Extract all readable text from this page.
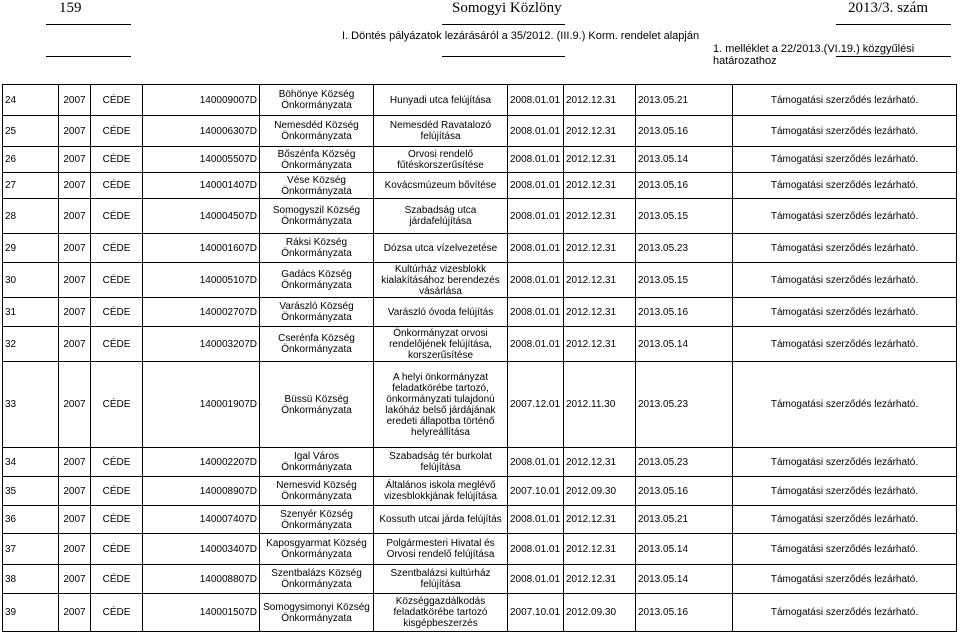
159	Somogyi Közlöny	2013/3. szám
I. Döntés pályázatok lezárásáról a 35/2012. (III.9.) Korm. rendelet alapján
1. melléklet a 22/2013.(VI.19.) közgyűlési határozathoz
24	2007	CÉDE	140009007D	Böhönye Község Önkormányzata	Hunyadi utca felújítása	2008.01.01	2012.12.31	2013.05.21	Támogatási szerződés lezárható.
25	2007	CÉDE	140006307D	Nemesdéd Község Önkormányzata	Nemesdéd Ravatalozó felújítása	2008.01.01	2012.12.31	2013.05.16	Támogatási szerződés lezárható.
26	2007	CÉDE	140005507D	Bőszénfa Község Önkormányzata	Orvosi rendelő fűtéskorszerűsítése	2008.01.01	2012.12.31	2013.05.14	Támogatási szerződés lezárható.
27	2007	CÉDE	140001407D	Vése Község Önkormányzata	Kovácsmúzeum bővítése	2008.01.01	2012.12.31	2013.05.16	Támogatási szerződés lezárható.
28	2007	CÉDE	140004507D	Somogyszil Község Önkormányzata	Szabadság utca járdafelújítása	2008.01.01	2012.12.31	2013.05.15	Támogatási szerződés lezárható.
29	2007	CÉDE	140001607D	Ráksi Község Önkormányzata	Dózsa utca vízelvezetése	2008.01.01	2012.12.31	2013.05.23	Támogatási szerződés lezárható.
30	2007	CÉDE	140005107D	Gadács Község Önkormányzata	Kultúrház vizesblokk kialakításához berendezés vásárlása	2008.01.01	2012.12.31	2013.05.15	Támogatási szerződés lezárható.
31	2007	CÉDE	140002707D	Varászló Község Önkormányzata	Varászló óvoda felújítás	2008.01.01	2012.12.31	2013.05.16	Támogatási szerződés lezárható.
32	2007	CÉDE	140003207D	Cserénfa Község Önkormányzata	Önkormányzat orvosi rendelőjének felújítása, korszerűsítése	2008.01.01	2012.12.31	2013.05.14	Támogatási szerződés lezárható.
33	2007	CÉDE	140001907D	Büssü Község Önkormányzata	A helyi önkormányzat feladatkörébe tartozó, önkormányzati tulajdonú lakóház belső járdájának eredeti állapotba történő helyreállítása	2007.12.01	2012.11.30	2013.05.23	Támogatási szerződés lezárható.
34	2007	CÉDE	140002207D	Igal Város Önkormányzata	Szabadság tér burkolat felújítása	2008.01.01	2012.12.31	2013.05.23	Támogatási szerződés lezárható.
35	2007	CÉDE	140008907D	Nemesvid Község Önkormányzata	Általános iskola meglévő vizesblokkjának felújítása	2007.10.01	2012.09.30	2013.05.16	Támogatási szerződés lezárható.
36	2007	CÉDE	140007407D	Szenyér Község Önkormányzata	Kossuth utcai járda felújítás	2008.01.01	2012.12.31	2013.05.21	Támogatási szerződés lezárható.
37	2007	CÉDE	140003407D	Kaposgyarmat Község Önkormányzata	Polgármesteri Hivatal és Orvosi rendelő felújítása	2008.01.01	2012.12.31	2013.05.14	Támogatási szerződés lezárható.
38	2007	CÉDE	140008807D	Szentbalázs Község Önkormányzata	Szentbalázsi kultúrház felújítása	2008.01.01	2012.12.31	2013.05.14	Támogatási szerződés lezárható.
39	2007	CÉDE	140001507D	Somogysimonyi Község Önkormányzata	Községgazdálkodás feladatkörébe tartozó kisgépbeszerzés	2007.10.01	2012.09.30	2013.05.16	Támogatási szerződés lezárható.
